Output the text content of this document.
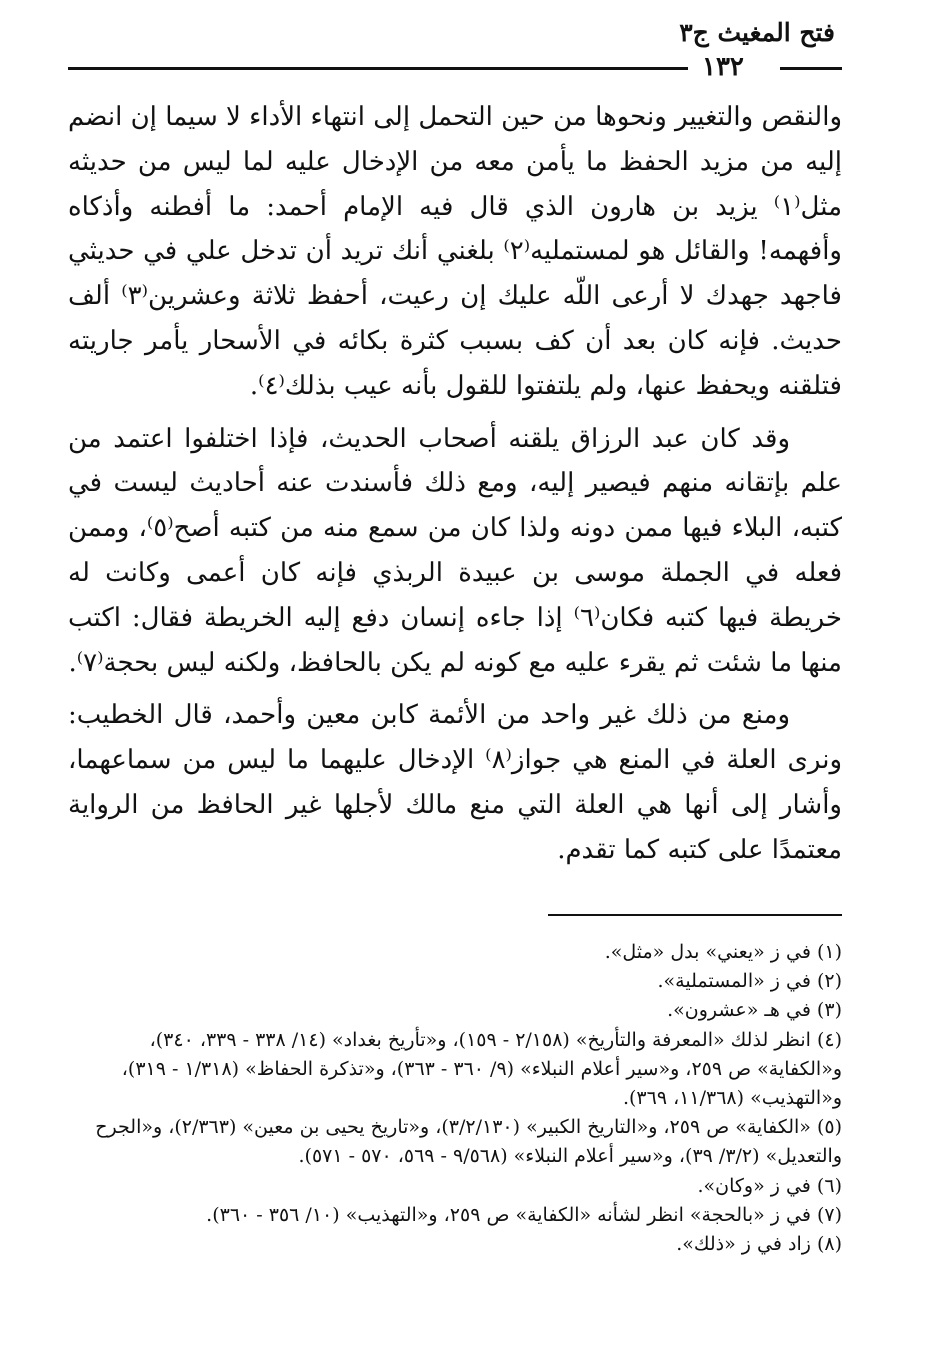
فتح المغيث ج٣
١٣٢

والنقص والتغيير ونحوها من حين التحمل إلى انتهاء الأداء لا سيما إن انضم إليه من مزيد الحفظ ما يأمن معه من الإدخال عليه لما ليس من حديثه مثل⁽١⁾ يزيد بن هارون الذي قال فيه الإمام أحمد: ما أفطنه وأذكاه وأفهمه! والقائل هو لمستمليه⁽٢⁾ بلغني أنك تريد أن تدخل علي في حديثي فاجهد جهدك لا أرعى اللّه عليك إن رعيت، أحفظ ثلاثة وعشرين⁽٣⁾ ألف حديث. فإنه كان بعد أن كف بسبب كثرة بكائه في الأسحار يأمر جاريته فتلقنه ويحفظ عنها، ولم يلتفتوا للقول بأنه عيب بذلك⁽٤⁾.

وقد كان عبد الرزاق يلقنه أصحاب الحديث، فإذا اختلفوا اعتمد من علم بإتقانه منهم فيصير إليه، ومع ذلك فأسندت عنه أحاديث ليست في كتبه، البلاء فيها ممن دونه ولذا كان من سمع منه من كتبه أصح⁽٥⁾، وممن فعله في الجملة موسى بن عبيدة الربذي فإنه كان أعمى وكانت له خريطة فيها كتبه فكان⁽٦⁾ إذا جاءه إنسان دفع إليه الخريطة فقال: اكتب منها ما شئت ثم يقرء عليه مع كونه لم يكن بالحافظ، ولكنه ليس بحجة⁽٧⁾.

ومنع من ذلك غير واحد من الأئمة كابن معين وأحمد، قال الخطيب: ونرى العلة في المنع هي جواز⁽٨⁾ الإدخال عليهما ما ليس من سماعهما، وأشار إلى أنها هي العلة التي منع مالك لأجلها غير الحافظ من الرواية معتمدًا على كتبه كما تقدم.

(١) في ز «يعني» بدل «مثل».

(٢) في ز «المستملية».

(٣) في هـ «عشرون».

(٤) انظر لذلك «المعرفة والتأريخ» (٢/١٥٨ - ١٥٩)، و«تأريخ بغداد» (١٤/ ٣٣٨ - ٣٣٩، ٣٤٠)، و«الكفاية» ص ٢٥٩، و«سير أعلام النبلاء» (٩/ ٣٦٠ - ٣٦٣)، و«تذكرة الحفاظ» (١/٣١٨ - ٣١٩)، و«التهذيب» (١١/٣٦٨، ٣٦٩).

(٥) «الكفاية» ص ٢٥٩، و«التاريخ الكبير» (٣/٢/١٣٠)، و«تاريخ يحيى بن معين» (٢/٣٦٣)، و«الجرح والتعديل» (٣/٢/ ٣٩)، و«سير أعلام النبلاء» (٩/٥٦٨ - ٥٦٩، ٥٧٠ - ٥٧١).

(٦) في ز «وكان».

(٧) في ز «بالحجة» انظر لشأنه «الكفاية» ص ٢٥٩، و«التهذيب» (١٠/ ٣٥٦ - ٣٦٠).

(٨) زاد في ز «ذلك».
